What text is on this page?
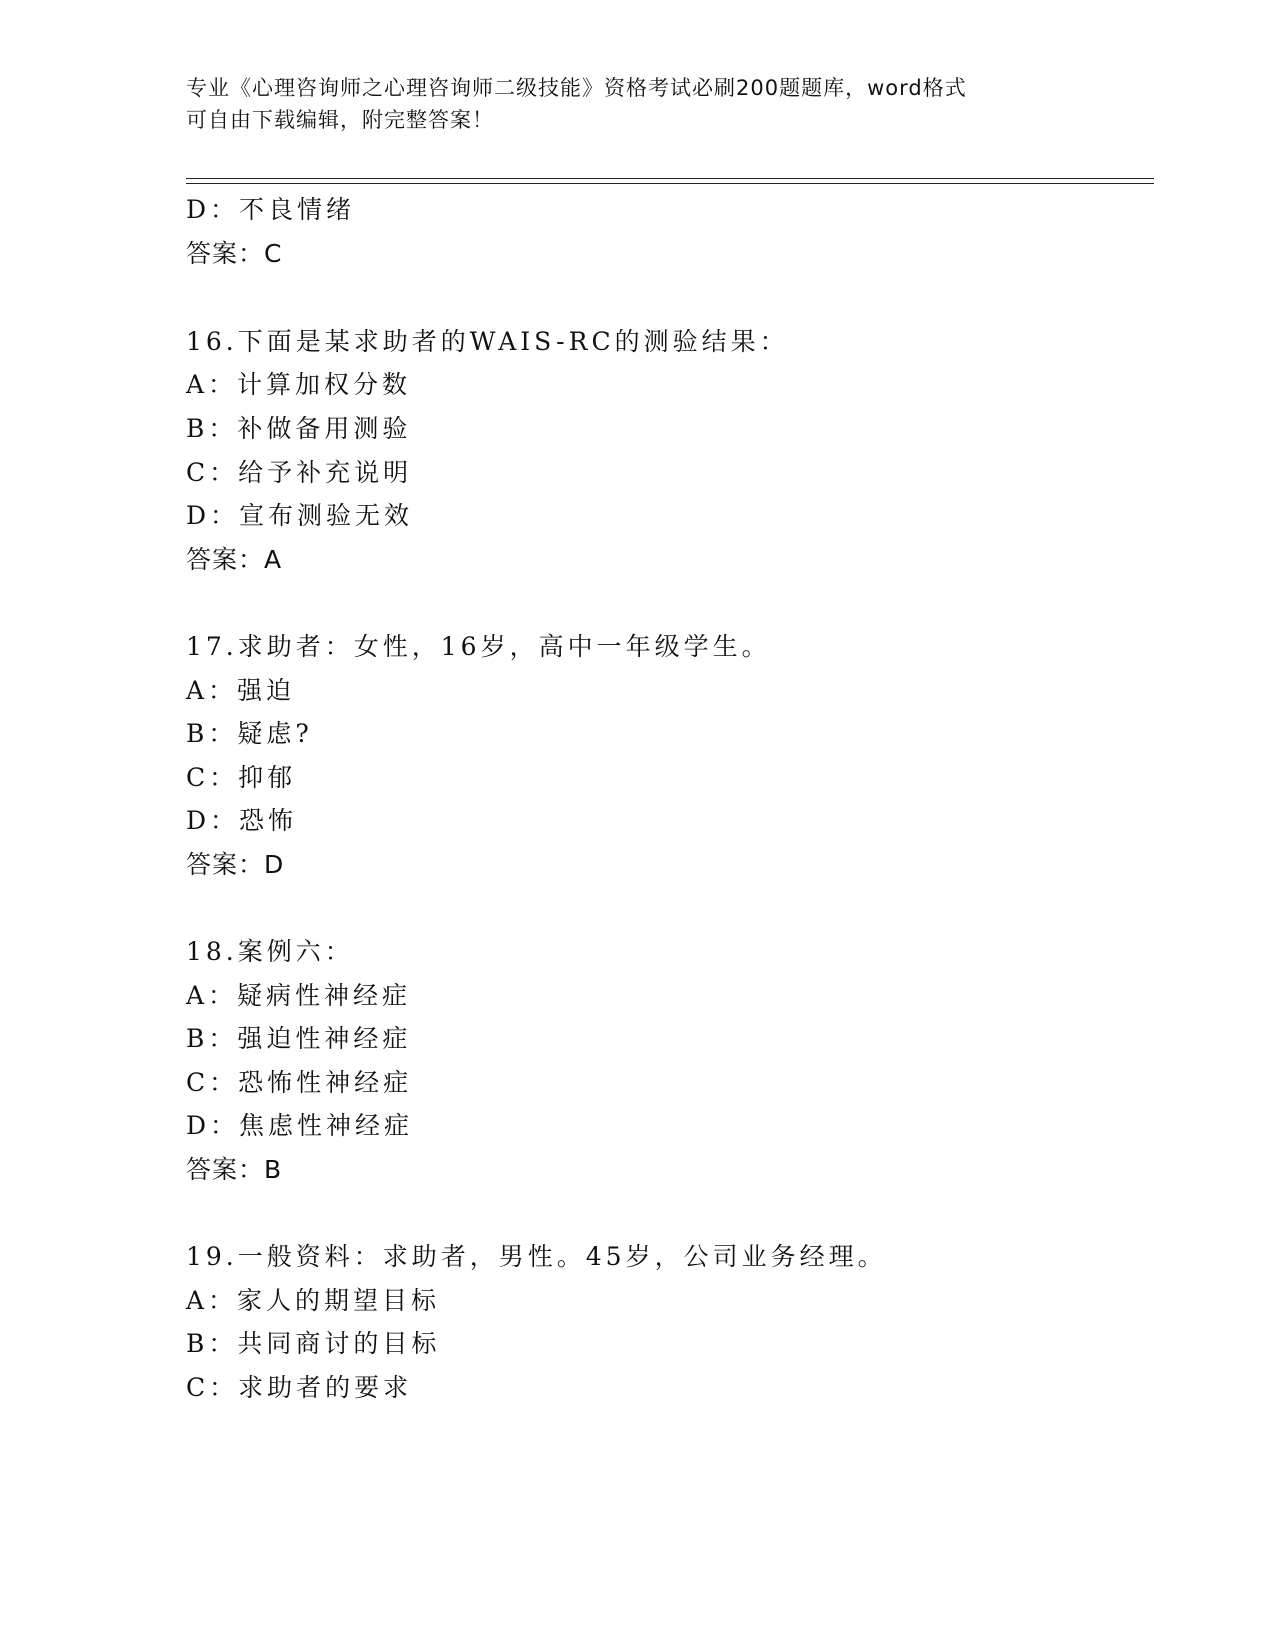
专业《心理咨询师之心理咨询师二级技能》资格考试必刷200题题库，word格式
可自由下载编辑，附完整答案！
D：不良情绪
答案：C
16.下面是某求助者的WAIS-RC的测验结果：
A：计算加权分数
B：补做备用测验
C：给予补充说明
D：宣布测验无效
答案：A
17.求助者：女性，16岁，高中一年级学生。
A：强迫
B：疑虑?
C：抑郁
D：恐怖
答案：D
18.案例六：
A：疑病性神经症
B：强迫性神经症
C：恐怖性神经症
D：焦虑性神经症
答案：B
19.一般资料：求助者，男性。45岁，公司业务经理。
A：家人的期望目标
B：共同商讨的目标
C：求助者的要求
